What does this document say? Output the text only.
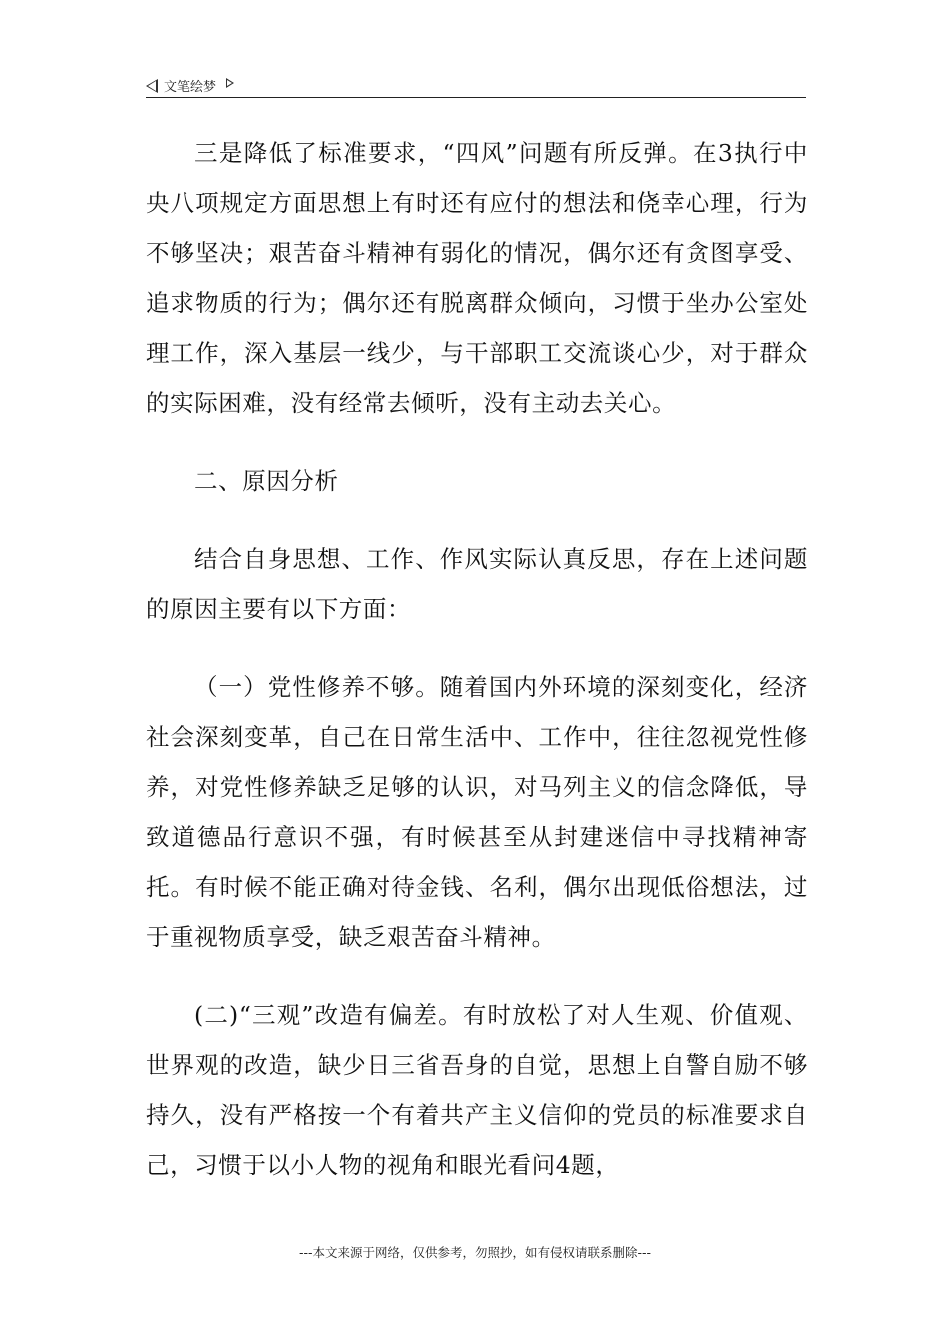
文笔绘梦

三是降低了标准要求，“四风”问题有所反弹。在3执行中央八项规定方面思想上有时还有应付的想法和侥幸心理，行为不够坚决；艰苦奋斗精神有弱化的情况，偶尔还有贪图享受、追求物质的行为；偶尔还有脱离群众倾向，习惯于坐办公室处理工作，深入基层一线少，与干部职工交流谈心少，对于群众的实际困难，没有经常去倾听，没有主动去关心。

二、原因分析

结合自身思想、工作、作风实际认真反思，存在上述问题的原因主要有以下方面：

（一）党性修养不够。随着国内外环境的深刻变化，经济社会深刻变革，自己在日常生活中、工作中，往往忽视党性修养，对党性修养缺乏足够的认识，对马列主义的信念降低，导致道德品行意识不强，有时候甚至从封建迷信中寻找精神寄托。有时候不能正确对待金钱、名利，偶尔出现低俗想法，过于重视物质享受，缺乏艰苦奋斗精神。

(二)“三观”改造有偏差。有时放松了对人生观、价值观、世界观的改造，缺少日三省吾身的自觉，思想上自警自励不够持久，没有严格按一个有着共产主义信仰的党员的标准要求自己，习惯于以小人物的视角和眼光看问4题，

---本文来源于网络，仅供参考，勿照抄，如有侵权请联系删除---
